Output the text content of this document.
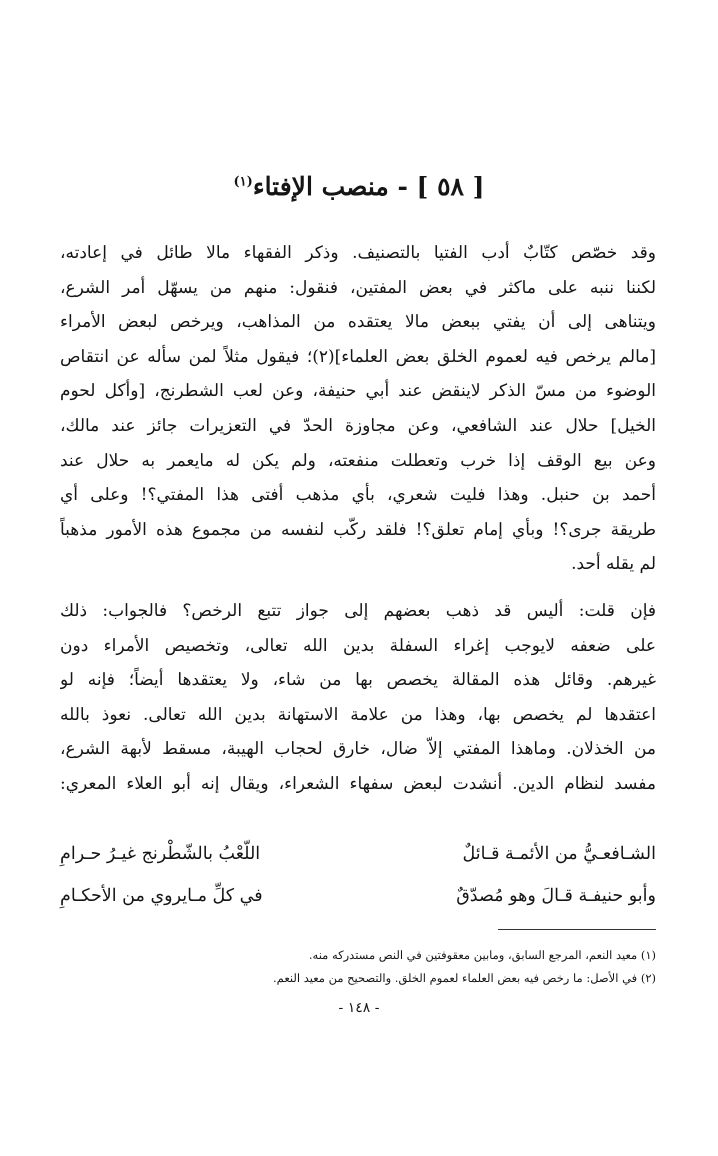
[ ٥٨ ] - منصب الإفتاء$^{(١)}$
وقد خصّص كتّابٌ أدب الفتيا بالتصنيف. وذكر الفقهاء مالا طائل في إعادته،
لكننا ننبه على ماكثر في بعض المفتين، فنقول: منهم من يسهّل أمر الشرع،
ويتناهى إلى أن يفتي ببعض مالا يعتقده من المذاهب، ويرخص لبعض الأمراء
[مالم يرخص فيه لعموم الخلق بعض العلماء](٢)؛ فيقول مثلاً لمن سأله عن انتقاص
الوضوء من مسّ الذكر لاينقض عند أبي حنيفة، وعن لعب الشطرنج، [وأكل لحوم
الخيل] حلال عند الشافعي، وعن مجاوزة الحدّ في التعزيرات جائز عند مالك،
وعن بيع الوقف إذا خرب وتعطلت منفعته، ولم يكن له مايعمر به حلال عند
أحمد بن حنبل. وهذا فليت شعري، بأي مذهب أفتى هذا المفتي؟! وعلى أي
طريقة جرى؟! وبأي إمام تعلق؟! فلقد ركّب لنفسه من مجموع هذه الأمور مذهباً
لم يقله أحد.
فإن قلت: أليس قد ذهب بعضهم إلى جواز تتبع الرخص؟ فالجواب: ذلك
على ضعفه لايوجب إغراء السفلة بدين الله تعالى، وتخصيص الأمراء دون
غيرهم. وقائل هذه المقالة يخصص بها من شاء، ولا يعتقدها أيضاً؛ فإنه لو
اعتقدها لم يخصص بها، وهذا من علامة الاستهانة بدين الله تعالى. نعوذ بالله
من الخذلان. وماهذا المفتي إلاّ ضال، خارق لحجاب الهيبة، مسقط لأبهة الشرع،
مفسد لنظام الدين. أنشدت لبعض سفهاء الشعراء، ويقال إنه أبو العلاء المعري:
الشـافعـيُّ من الأئمـة قـائلٌ
اللّعْبُ بالشّطْرنج غيـرُ حـرامِ
وأبو حنيفـة قـالَ وهو مُصدّقٌ
في كلِّ مـايروي من الأحكـامِ
(١) معيد النعم، المرجع السابق، ومابين معقوفتين في النص مستدركه منه.
(٢) في الأصل: ما رخص فيه بعض العلماء لعموم الخلق. والتصحيح من معيد النعم.
- ١٤٨ -
